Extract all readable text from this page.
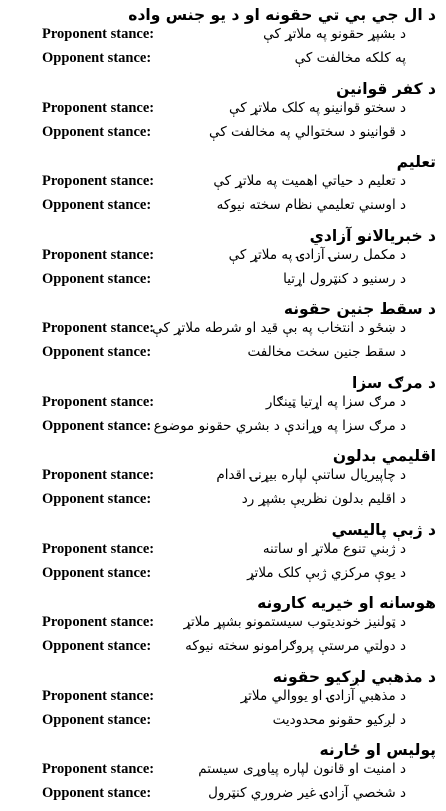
د ال جي بي تي حقونه او د يو جنس واده
Proponent stance:	د بشپړ حقونو په ملاتړ کې
Opponent stance:	په کلکه مخالفت کې
د کفر قوانين
Proponent stance:	د سختو قوانينو په کلک ملاتړ کې
Opponent stance:	د قوانينو د سختوالي په مخالفت کې
تعليم
Proponent stance:	د تعليم د حياتي اهميت په ملاتړ کې
Opponent stance:	د اوسني تعليمي نظام سخته نيوکه
د خبريالانو آزادي
Proponent stance:	د مکمل رسنۍ آزادۍ په ملاتړ کې
Opponent stance:	د رسنيو د کنټرول اړتيا
د سقط جنين حقونه
Proponent stance:
د ښځو د انتخاب په بې قيد او شرطه ملاتړ کې
Opponent stance:	د سقط جنين سخت مخالفت
د مرګ سزا
Proponent stance:	د مرګ سزا په اړتيا ټينګار
Opponent stance: د مرګ سزا په وړاندې د بشري حقونو موضوع
اقليمي بدلون
Proponent stance:	د چاپيريال ساتنې لپاره بيړنۍ اقدام
Opponent stance:	د اقليم بدلون نظريې بشپړ رد
د ژبې پاليسي
Proponent stance:	د ژبني تنوع ملاتړ او ساتنه
Opponent stance:	د يوې مرکزي ژبې کلک ملاتړ
هوسانه او خيريه کارونه
Proponent stance: د ټولنيز خونديتوب سيستمونو بشپړ ملاتړ
Opponent stance:	د دولتي مرستې پروګرامونو سخته نيوکه
د مذهبي لږکيو حقونه
Proponent stance:	د مذهبي آزادۍ او يووالي ملاتړ
Opponent stance:	د لږکيو حقونو محدوديت
پوليس او ځارنه
Proponent stance:	د امنيت او قانون لپاره پياوړی سيستم
Opponent stance:	د شخصي آزادۍ غير ضروري کنټرول
